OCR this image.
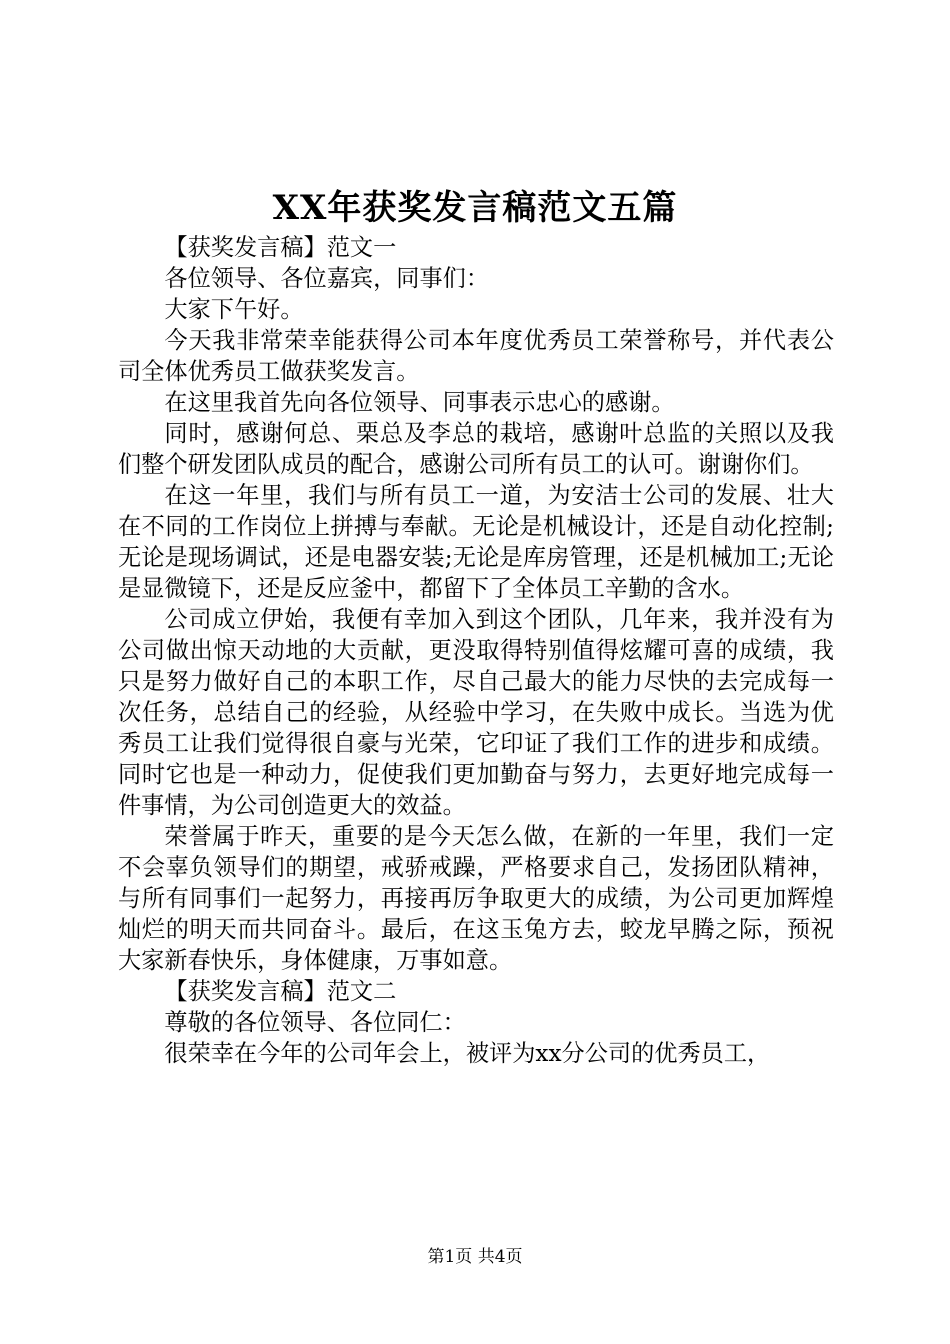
XX年获奖发言稿范文五篇

【获奖发言稿】范文一

各位领导、各位嘉宾，同事们：

大家下午好。

今天我非常荣幸能获得公司本年度优秀员工荣誉称号，并代表公司全体优秀员工做获奖发言。

在这里我首先向各位领导、同事表示忠心的感谢。

同时，感谢何总、栗总及李总的栽培，感谢叶总监的关照以及我们整个研发团队成员的配合，感谢公司所有员工的认可。谢谢你们。

在这一年里，我们与所有员工一道，为安洁士公司的发展、壮大在不同的工作岗位上拼搏与奉献。无论是机械设计，还是自动化控制;无论是现场调试，还是电器安装;无论是库房管理，还是机械加工;无论是显微镜下，还是反应釜中，都留下了全体员工辛勤的含水。

公司成立伊始，我便有幸加入到这个团队，几年来，我并没有为公司做出惊天动地的大贡献，更没取得特别值得炫耀可喜的成绩，我只是努力做好自己的本职工作，尽自己最大的能力尽快的去完成每一次任务，总结自己的经验，从经验中学习，在失败中成长。当选为优秀员工让我们觉得很自豪与光荣，它印证了我们工作的进步和成绩。同时它也是一种动力，促使我们更加勤奋与努力，去更好地完成每一件事情，为公司创造更大的效益。

荣誉属于昨天，重要的是今天怎么做，在新的一年里，我们一定不会辜负领导们的期望，戒骄戒躁，严格要求自己，发扬团队精神，与所有同事们一起努力，再接再厉争取更大的成绩，为公司更加辉煌灿烂的明天而共同奋斗。最后，在这玉兔方去，蛟龙早腾之际，预祝大家新春快乐，身体健康，万事如意。

【获奖发言稿】范文二

尊敬的各位领导、各位同仁：

很荣幸在今年的公司年会上，被评为xx分公司的优秀员工，

第1页 共4页
